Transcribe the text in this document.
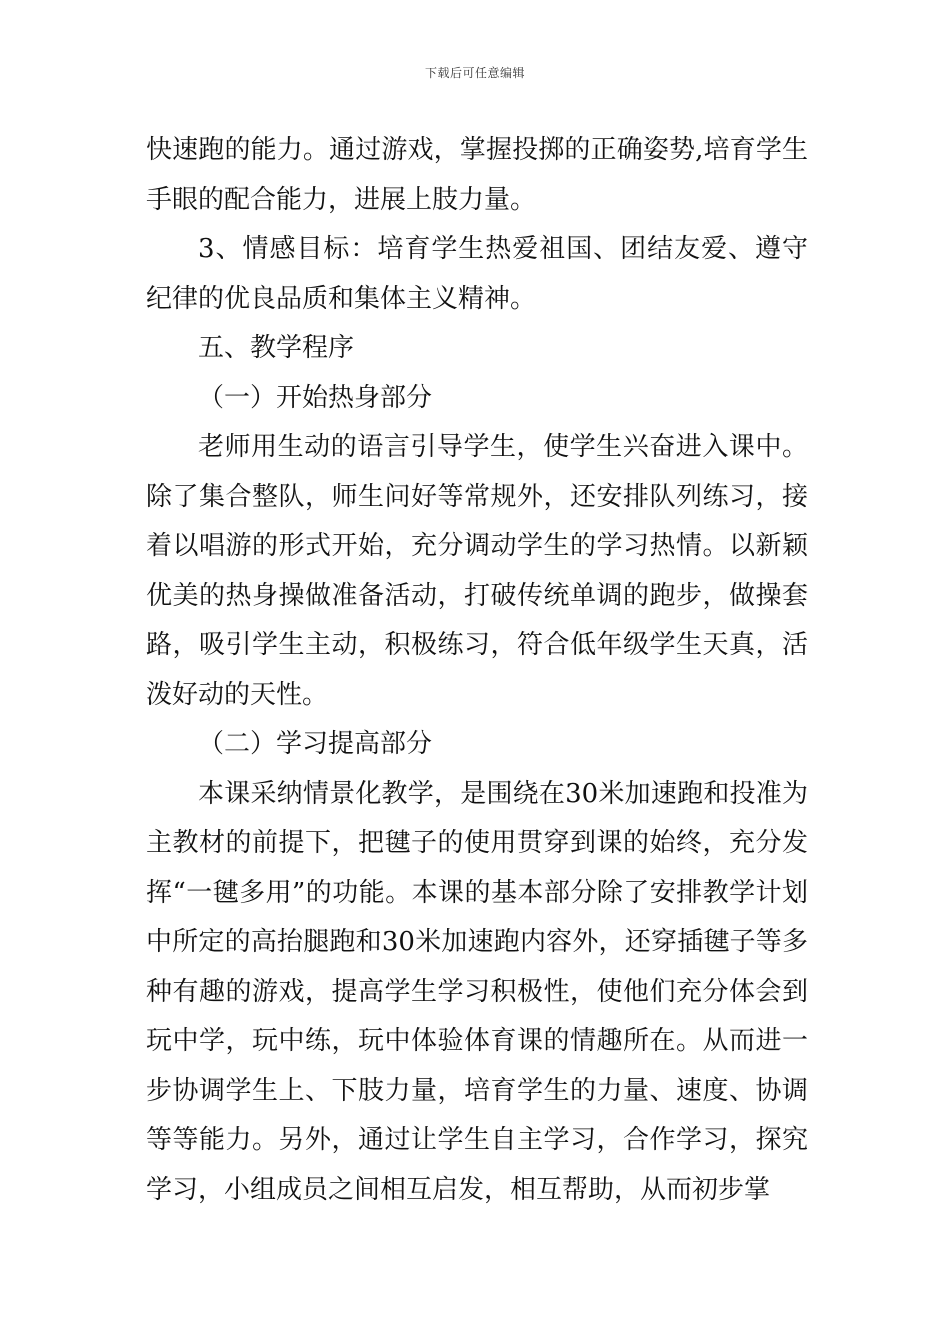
下载后可任意编辑

快速跑的能力。通过游戏，掌握投掷的正确姿势,培育学生手眼的配合能力，进展上肢力量。

3、情感目标：培育学生热爱祖国、团结友爱、遵守纪律的优良品质和集体主义精神。

五、教学程序

（一）开始热身部分

老师用生动的语言引导学生，使学生兴奋进入课中。除了集合整队，师生问好等常规外，还安排队列练习，接着以唱游的形式开始，充分调动学生的学习热情。以新颖优美的热身操做准备活动，打破传统单调的跑步，做操套路，吸引学生主动，积极练习，符合低年级学生天真，活泼好动的天性。

（二）学习提高部分

本课采纳情景化教学，是围绕在30米加速跑和投准为主教材的前提下，把毽子的使用贯穿到课的始终，充分发挥“一毽多用”的功能。本课的基本部分除了安排教学计划中所定的高抬腿跑和30米加速跑内容外，还穿插毽子等多种有趣的游戏，提高学生学习积极性，使他们充分体会到玩中学，玩中练，玩中体验体育课的情趣所在。从而进一步协调学生上、下肢力量，培育学生的力量、速度、协调等等能力。另外，通过让学生自主学习，合作学习，探究学习，小组成员之间相互启发，相互帮助，从而初步掌
